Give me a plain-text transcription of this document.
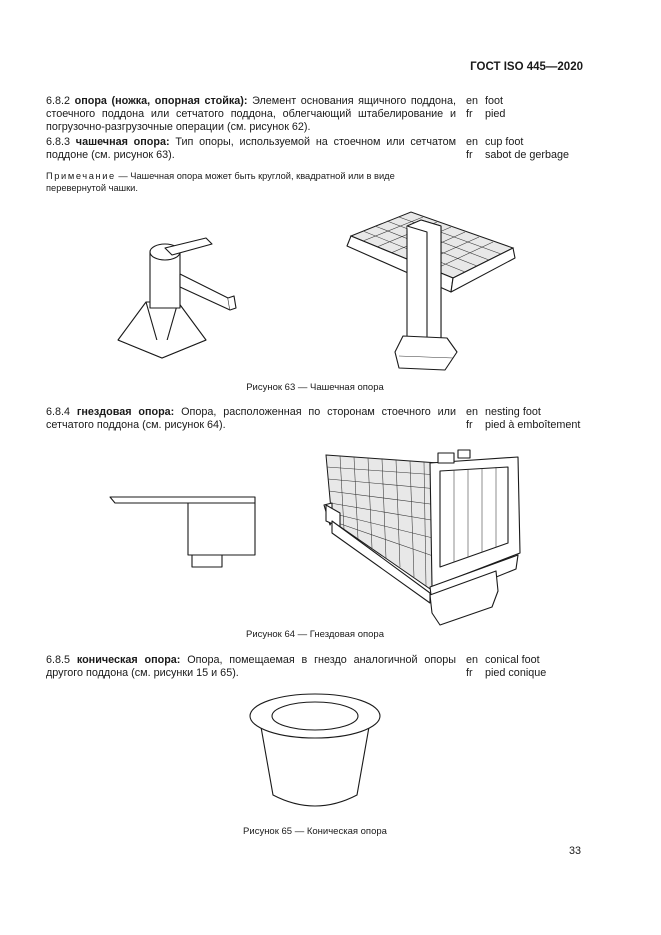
ГОСТ ISO 445—2020
6.8.2 опора (ножка, опорная стойка): Элемент основания ящичного поддона, стоечного поддона или сетчатого поддона, облегчающий штабелирование и погрузочно-разгрузочные операции (см. рисунок 62).
en foot
fr pied
6.8.3 чашечная опора: Тип опоры, используемой на стоечном или сетчатом поддоне (см. рисунок 63).
en cup foot
fr sabot de gerbage
Примечание — Чашечная опора может быть круглой, квадратной или в виде перевернутой чашки.
Рисунок 63 — Чашечная опора
6.8.4 гнездовая опора: Опора, расположенная по сторонам стоечного или сетчатого поддона (см. рисунок 64).
en nesting foot
fr pied à emboîtement
Рисунок 64 — Гнездовая опора
6.8.5 коническая опора: Опора, помещаемая в гнездо аналогичной опоры другого поддона (см. рисунки 15 и 65).
en conical foot
fr pied conique
Рисунок 65 — Коническая опора
33
